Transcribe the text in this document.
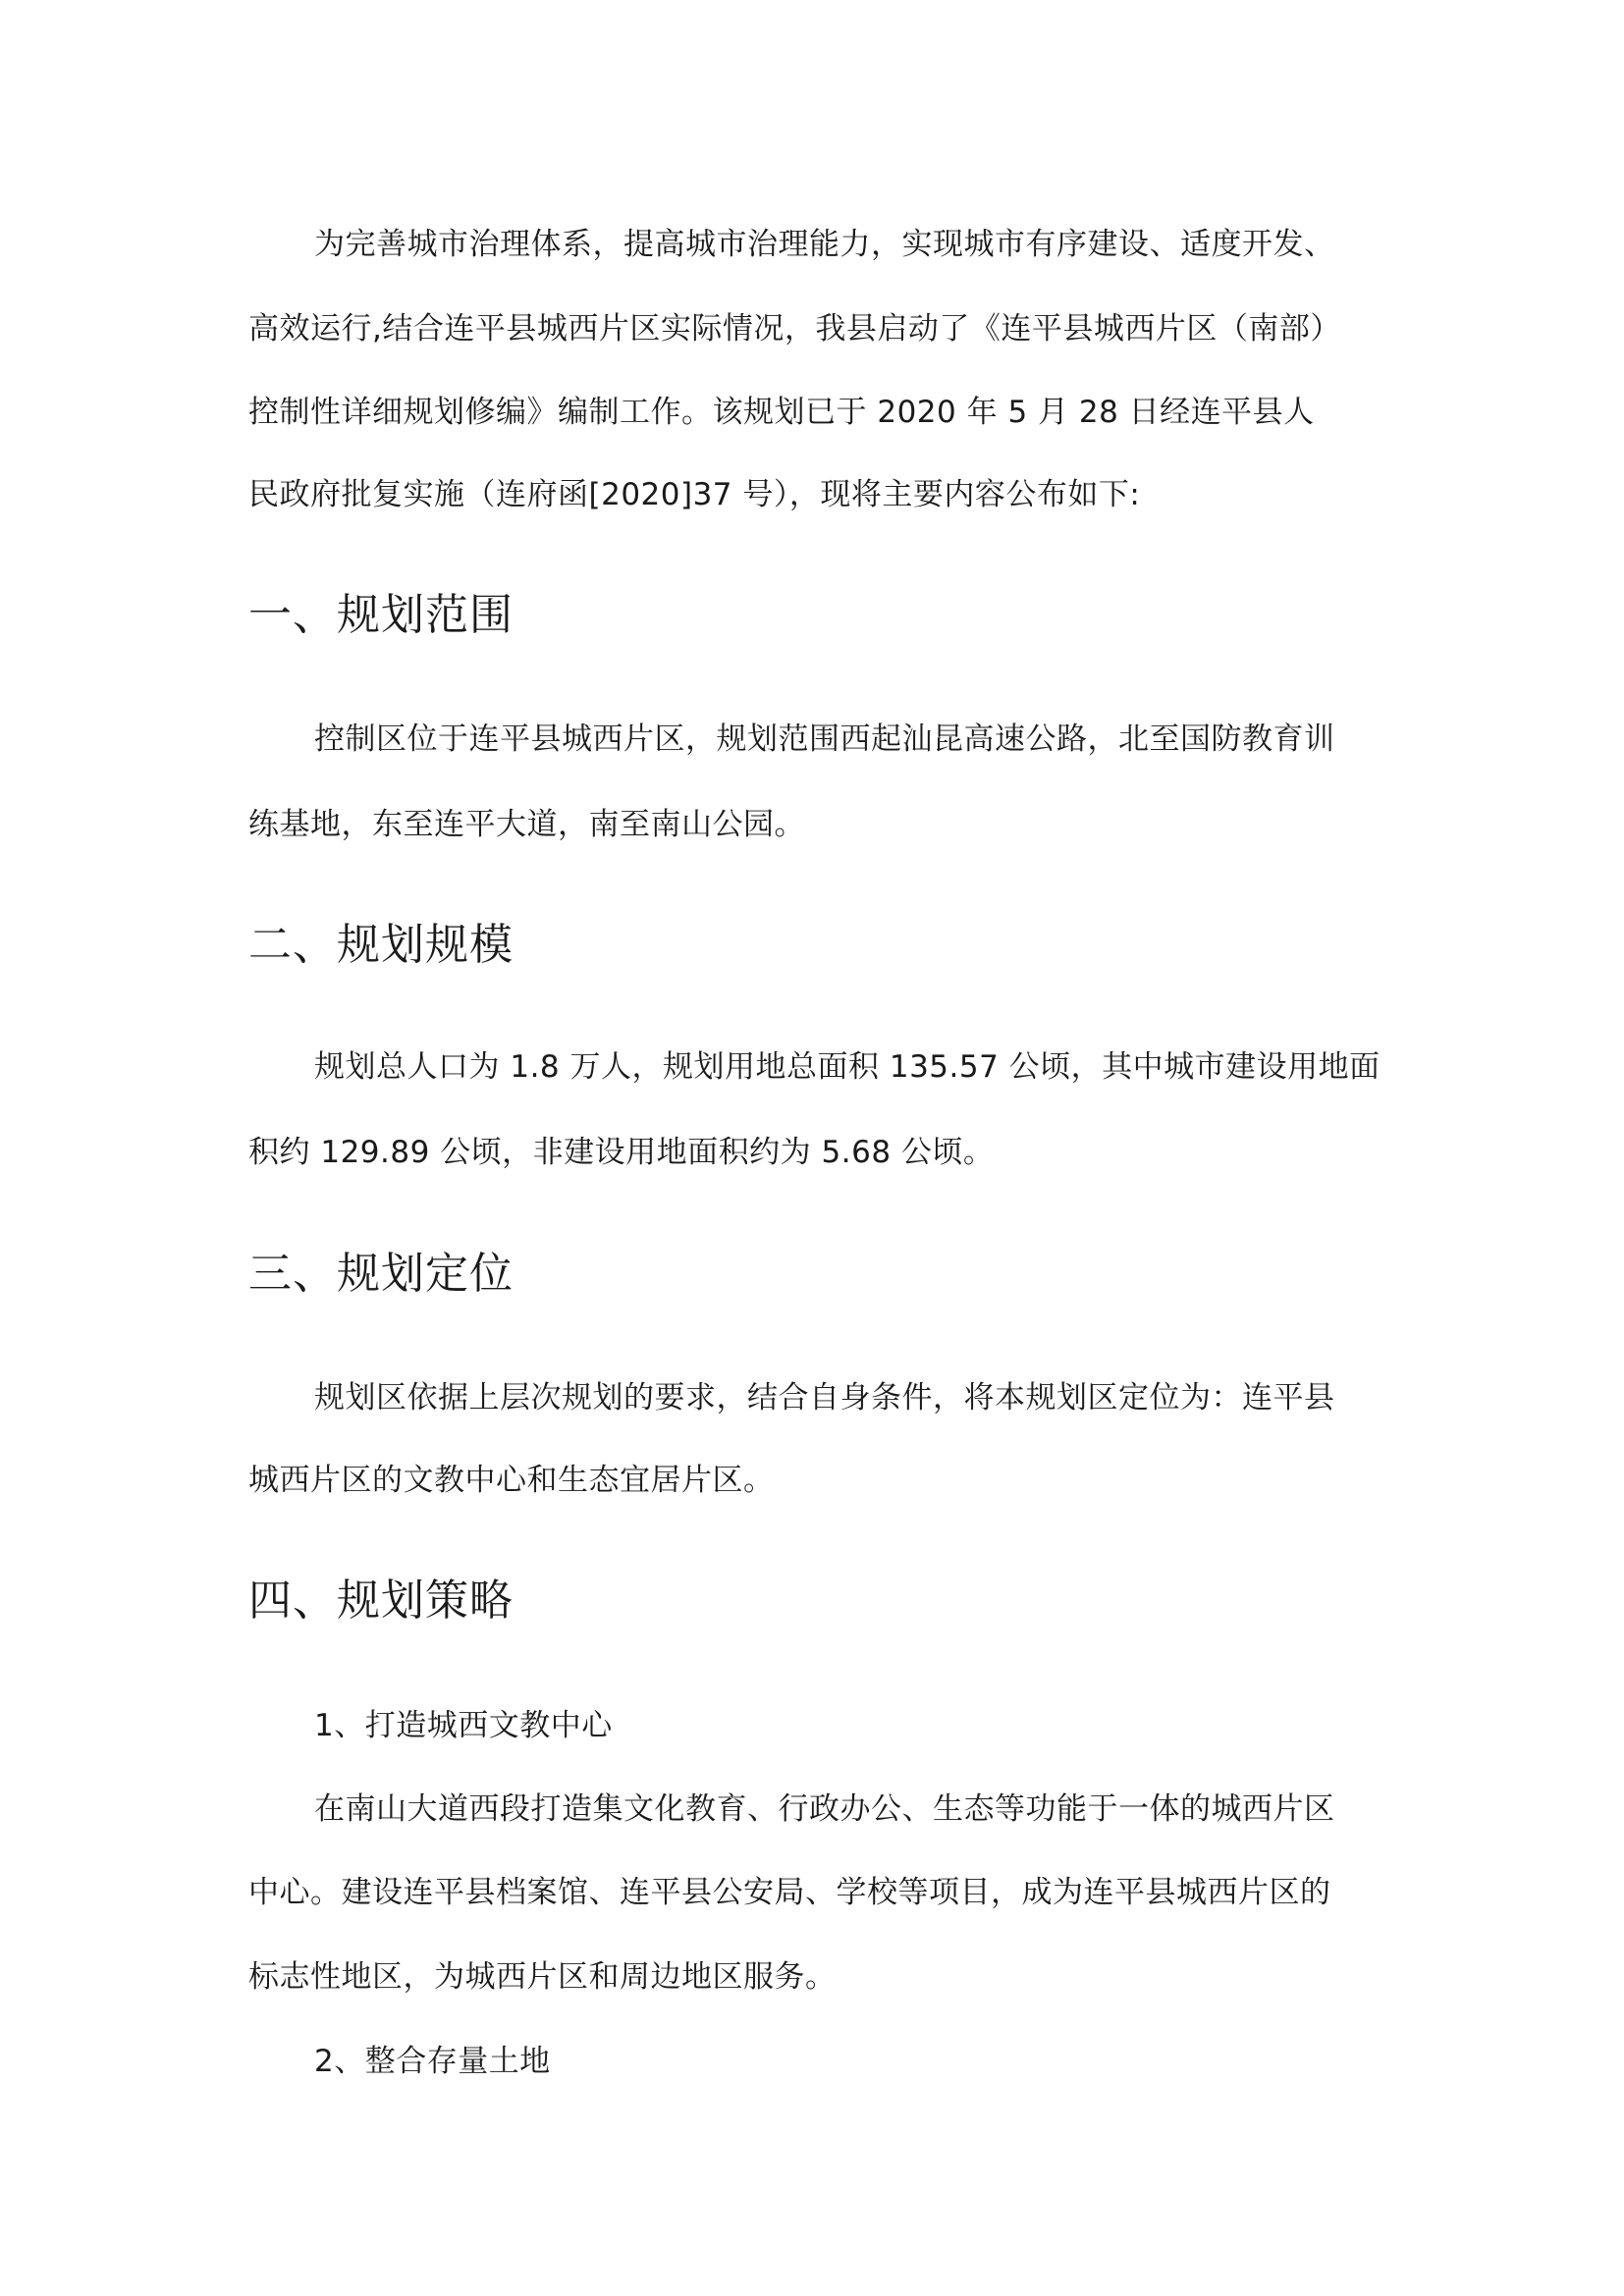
为完善城市治理体系，提高城市治理能力，实现城市有序建设、适度开发、
高效运行,结合连平县城西片区实际情况，我县启动了《连平县城西片区（南部）
控制性详细规划修编》编制工作。该规划已于 2020 年 5 月 28 日经连平县人
民政府批复实施（连府函[2020]37 号），现将主要内容公布如下:
一、规划范围
控制区位于连平县城西片区，规划范围西起汕昆高速公路，北至国防教育训
练基地，东至连平大道，南至南山公园。
二、规划规模
规划总人口为 1.8 万人，规划用地总面积 135.57 公顷，其中城市建设用地面
积约 129.89 公顷，非建设用地面积约为 5.68 公顷。
三、规划定位
规划区依据上层次规划的要求，结合自身条件，将本规划区定位为：连平县
城西片区的文教中心和生态宜居片区。
四、规划策略
1、打造城西文教中心
在南山大道西段打造集文化教育、行政办公、生态等功能于一体的城西片区
中心。建设连平县档案馆、连平县公安局、学校等项目，成为连平县城西片区的
标志性地区，为城西片区和周边地区服务。
2、整合存量土地
